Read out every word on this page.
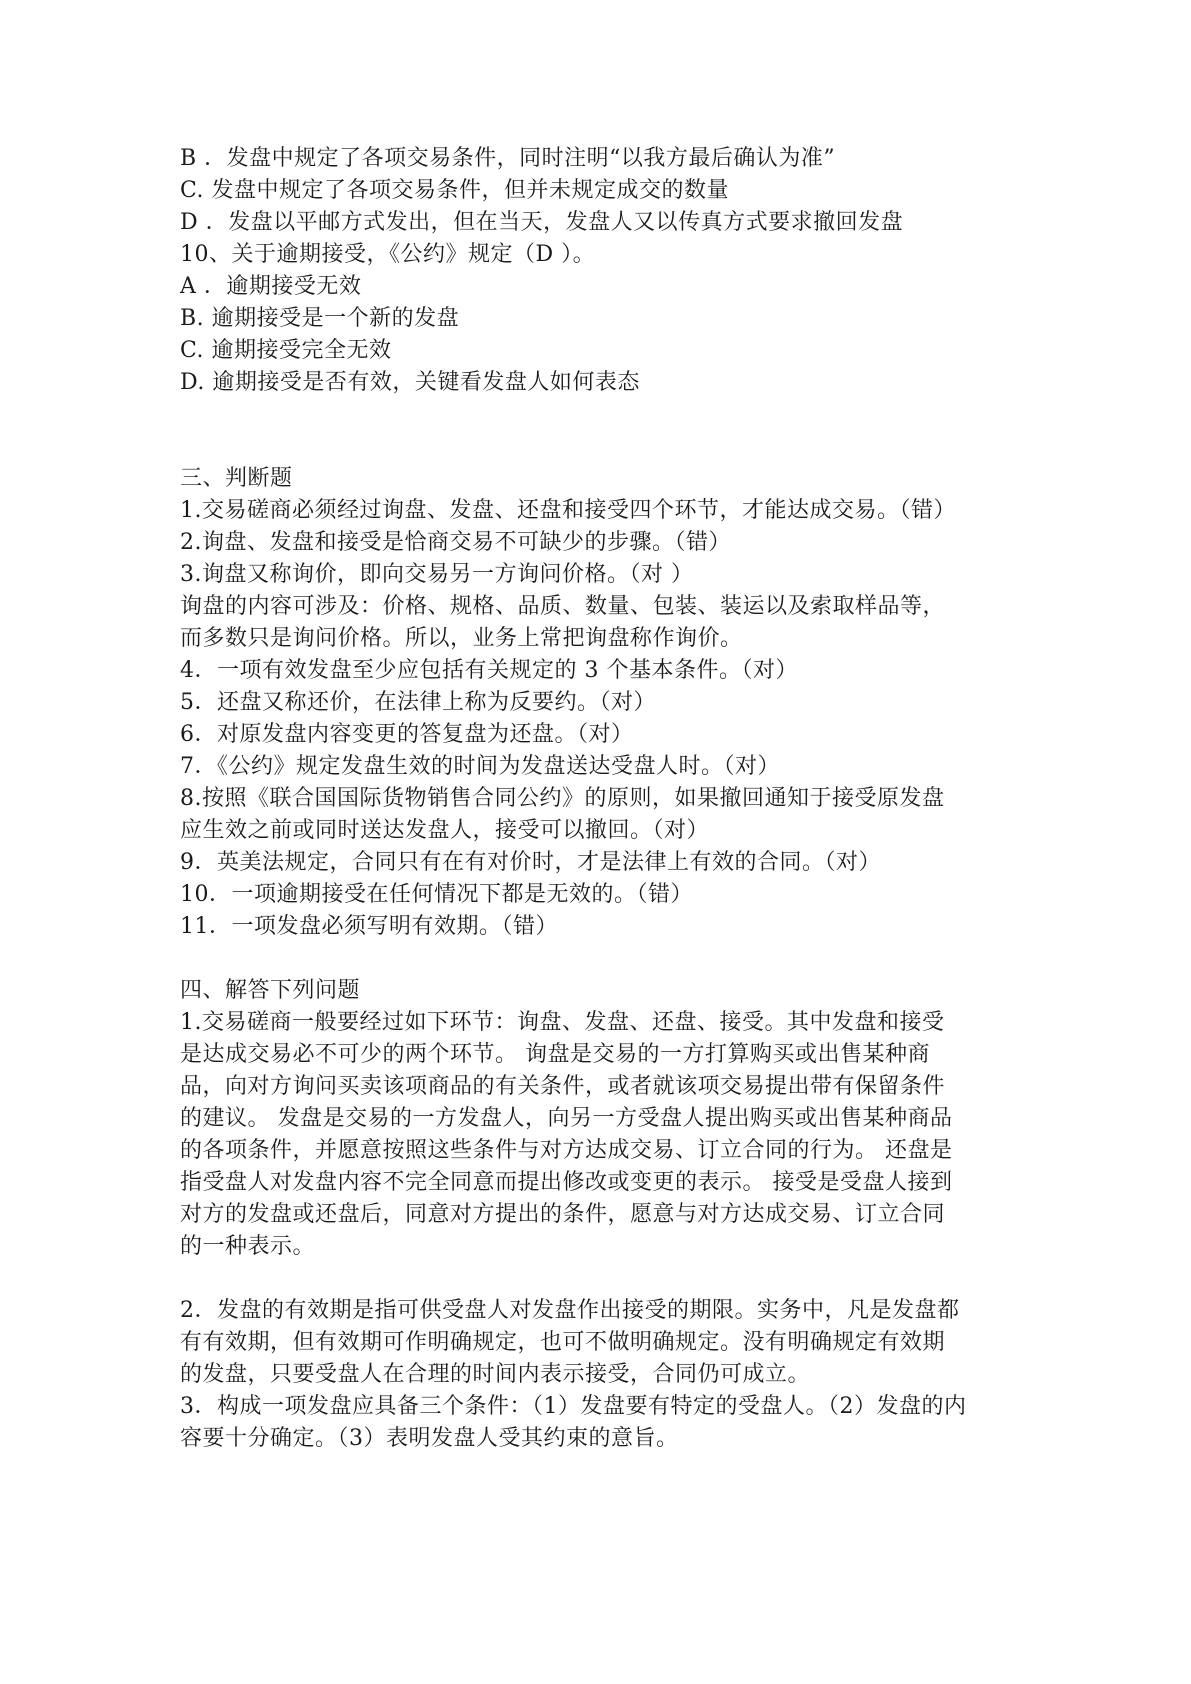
B ．发盘中规定了各项交易条件，同时注明“以我方最后确认为准”
C. 发盘中规定了各项交易条件，但并未规定成交的数量
D ．发盘以平邮方式发出，但在当天，发盘人又以传真方式要求撤回发盘
10、关于逾期接受，《公约》规定（D ）。
A ．逾期接受无效
B. 逾期接受是一个新的发盘
C. 逾期接受完全无效
D. 逾期接受是否有效，关键看发盘人如何表态
三、判断题
1.交易磋商必须经过询盘、发盘、还盘和接受四个环节，才能达成交易。（错）
2.询盘、发盘和接受是恰商交易不可缺少的步骤。（错）
3.询盘又称询价，即向交易另一方询问价格。（对 ）
询盘的内容可涉及：价格、规格、品质、数量、包装、装运以及索取样品等，
而多数只是询问价格。所以，业务上常把询盘称作询价。
4．一项有效发盘至少应包括有关规定的 3 个基本条件。（对）
5．还盘又称还价，在法律上称为反要约。（对）
6．对原发盘内容变更的答复盘为还盘。（对）
7．《公约》规定发盘生效的时间为发盘送达受盘人时。（对）
8.按照《联合国国际货物销售合同公约》的原则，如果撤回通知于接受原发盘
应生效之前或同时送达发盘人，接受可以撤回。（对）
9．英美法规定，合同只有在有对价时，才是法律上有效的合同。（对）
10．一项逾期接受在任何情况下都是无效的。（错）
11．一项发盘必须写明有效期。（错）
四、解答下列问题
1.交易磋商一般要经过如下环节：询盘、发盘、还盘、接受。其中发盘和接受
是达成交易必不可少的两个环节。 询盘是交易的一方打算购买或出售某种商
品，向对方询问买卖该项商品的有关条件，或者就该项交易提出带有保留条件
的建议。 发盘是交易的一方发盘人，向另一方受盘人提出购买或出售某种商品
的各项条件，并愿意按照这些条件与对方达成交易、订立合同的行为。 还盘是
指受盘人对发盘内容不完全同意而提出修改或变更的表示。 接受是受盘人接到
对方的发盘或还盘后，同意对方提出的条件，愿意与对方达成交易、订立合同
的一种表示。
2．发盘的有效期是指可供受盘人对发盘作出接受的期限。实务中，凡是发盘都
有有效期，但有效期可作明确规定，也可不做明确规定。没有明确规定有效期
的发盘，只要受盘人在合理的时间内表示接受，合同仍可成立。
3．构成一项发盘应具备三个条件：（1）发盘要有特定的受盘人。（2）发盘的内
容要十分确定。（3）表明发盘人受其约束的意旨。
